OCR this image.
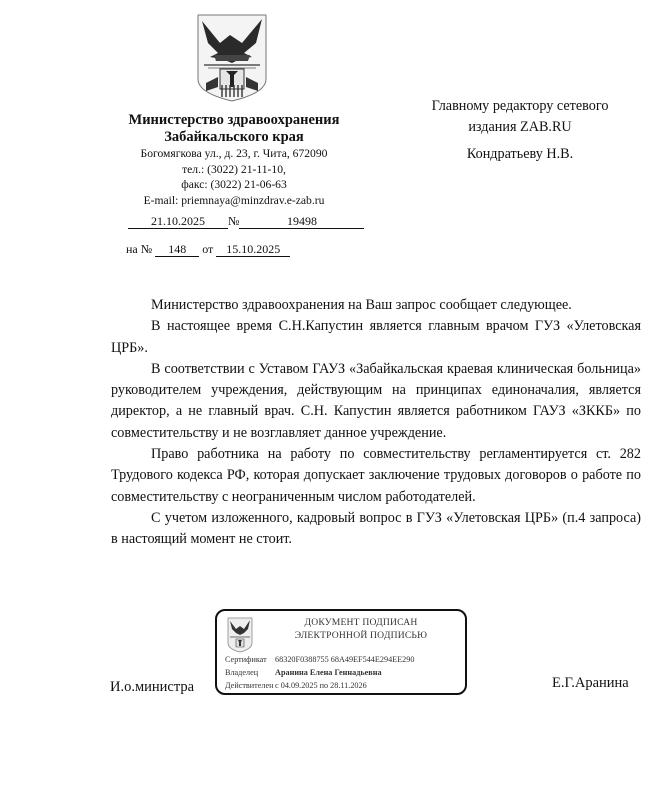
Министерство здравоохранения
Забайкальского края
Богомягкова ул., д. 23, г. Чита, 672090
тел.: (3022) 21-11-10,
факс: (3022) 21-06-63
E-mail: priemnaya@minzdrav.e-zab.ru
21.10.2025 №	19498
на № 148 от 15.10.2025
Главному редактору сетевого
издания ZAB.RU
Кондратьеву Н.В.

Министерство здравоохранения на Ваш запрос сообщает следующее.

В настоящее время С.Н.Капустин является главным врачом ГУЗ «Улетовская ЦРБ».

В соответствии с Уставом ГАУЗ «Забайкальская краевая клиническая больница» руководителем учреждения, действующим на принципах единоначалия, является директор, а не главный врач. С.Н. Капустин является работником ГАУЗ «ЗККБ» по совместительству и не возглавляет данное учреждение.

Право работника на работу по совместительству регламентируется ст. 282 Трудового кодекса РФ, которая допускает заключение трудовых договоров о работе по совместительству с неограниченным числом работодателей.

С учетом изложенного, кадровый вопрос в ГУЗ «Улетовская ЦРБ» (п.4 запроса) в настоящий момент не стоит.

ДОКУМЕНТ ПОДПИСАН
ЭЛЕКТРОННОЙ ПОДПИСЬЮ
Сертификат 68320F0388755 68A49EF544E294EE290
Владелец Аранина Елена Геннадьевна
Действителен с 04.09.2025 по 28.11.2026
И.о.министра	Е.Г.Аранина
